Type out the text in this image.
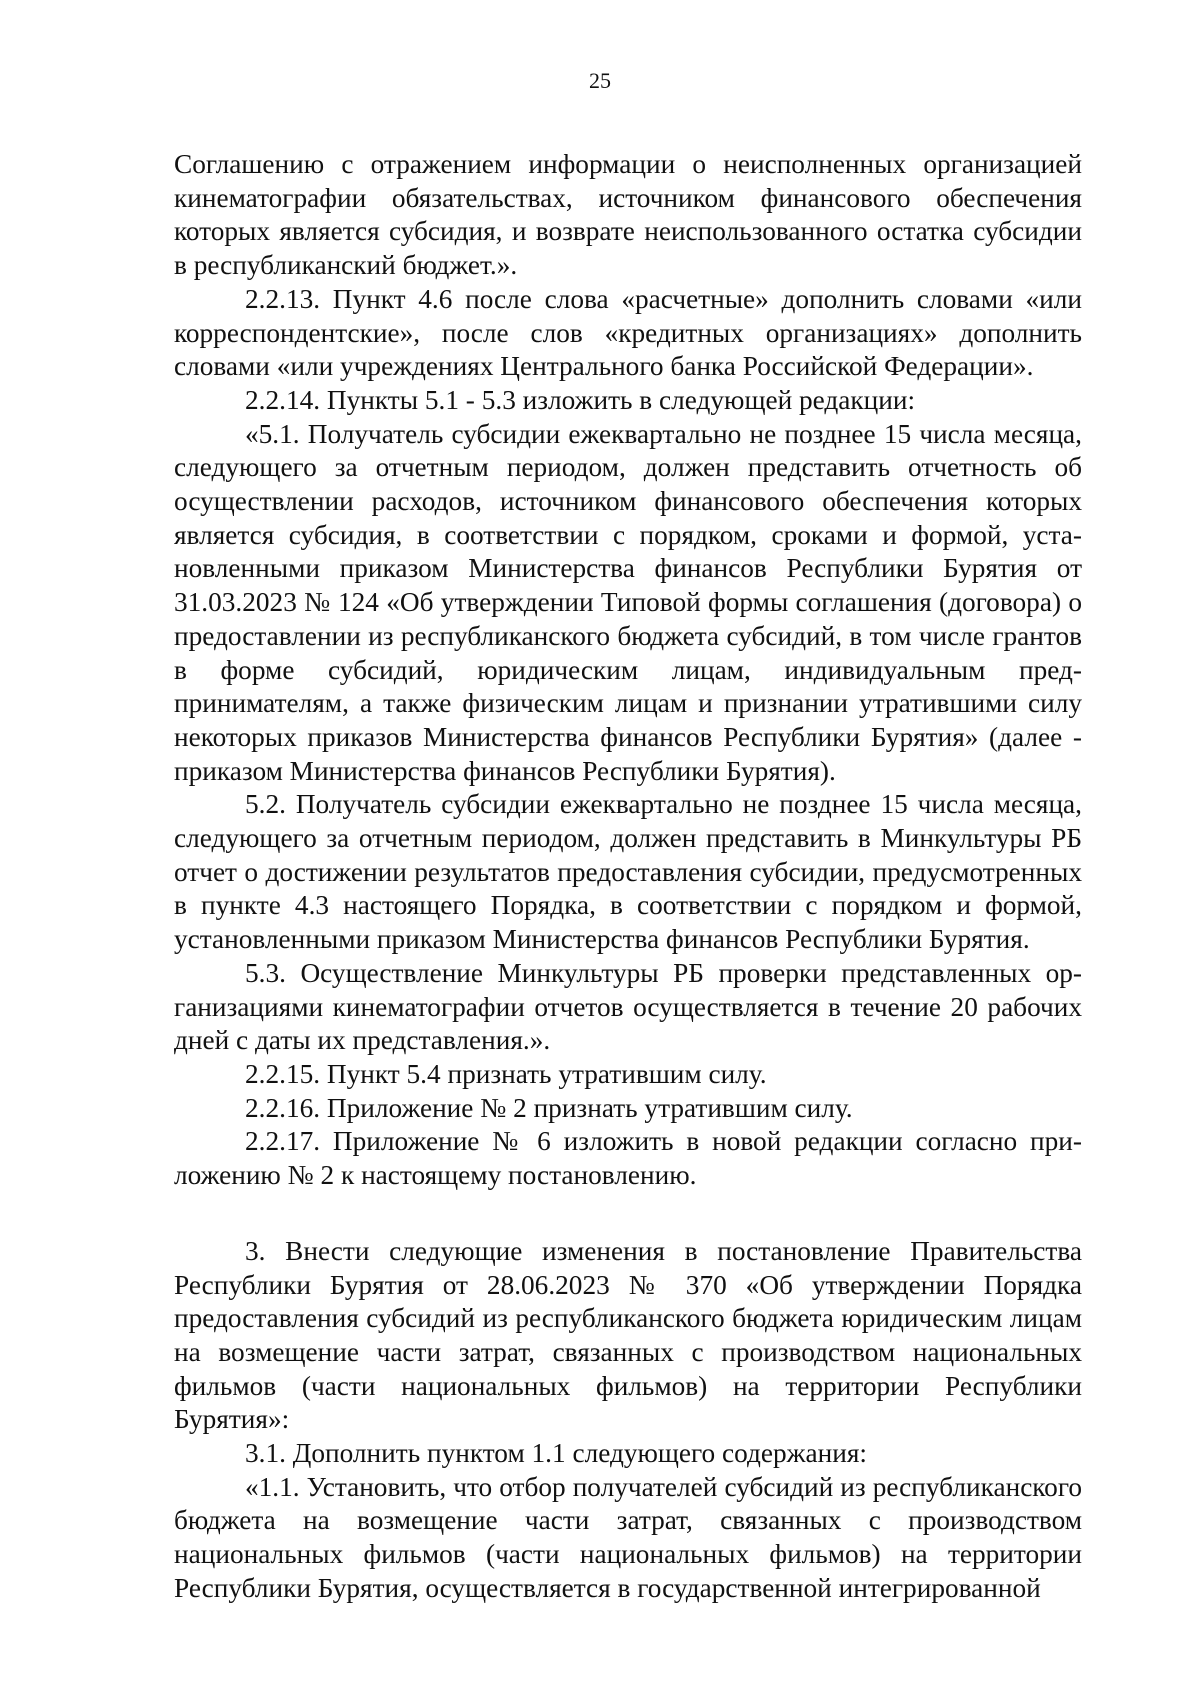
25

Соглашению с отражением информации о неисполненных организацией кинематографии обязательствах, источником финансового обеспечения которых является субсидия, и возврате неиспользованного остатка субсидии в республиканский бюджет.».

2.2.13. Пункт 4.6 после слова «расчетные» дополнить словами «или корреспондентские», после слов «кредитных организациях» дополнить словами «или учреждениях Центрального банка Российской Федерации».

2.2.14. Пункты 5.1 - 5.3 изложить в следующей редакции:

«5.1. Получатель субсидии ежеквартально не позднее 15 числа месяца, следующего за отчетным периодом, должен представить отчетность об осуществлении расходов, источником финансового обеспечения которых является субсидия, в соответствии с порядком, сроками и формой, установленными приказом Министерства финансов Республики Бурятия от 31.03.2023 № 124 «Об утверждении Типовой формы соглашения (договора) о предоставлении из республиканского бюджета субсидий, в том числе грантов в форме субсидий, юридическим лицам, индивидуальным предпринимателям, а также физическим лицам и признании утратившими силу некоторых приказов Министерства финансов Республики Бурятия» (далее - приказом Министерства финансов Республики Бурятия).

5.2. Получатель субсидии ежеквартально не позднее 15 числа месяца, следующего за отчетным периодом, должен представить в Минкультуры РБ отчет о достижении результатов предоставления субсидии, предусмотренных в пункте 4.3 настоящего Порядка, в соответствии с порядком и формой, установленными приказом Министерства финансов Республики Бурятия.

5.3. Осуществление Минкультуры РБ проверки представленных организациями кинематографии отчетов осуществляется в течение 20 рабочих дней с даты их представления.».

2.2.15. Пункт 5.4 признать утратившим силу.

2.2.16. Приложение № 2 признать утратившим силу.

2.2.17. Приложение № 6 изложить в новой редакции согласно приложению № 2 к настоящему постановлению.

3. Внести следующие изменения в постановление Правительства Республики Бурятия от 28.06.2023 № 370 «Об утверждении Порядка предоставления субсидий из республиканского бюджета юридическим лицам на возмещение части затрат, связанных с производством национальных фильмов (части национальных фильмов) на территории Республики Бурятия»:

3.1. Дополнить пунктом 1.1 следующего содержания:

«1.1. Установить, что отбор получателей субсидий из республиканского бюджета на возмещение части затрат, связанных с производством национальных фильмов (части национальных фильмов) на территории Республики Бурятия, осуществляется в государственной интегрированной
